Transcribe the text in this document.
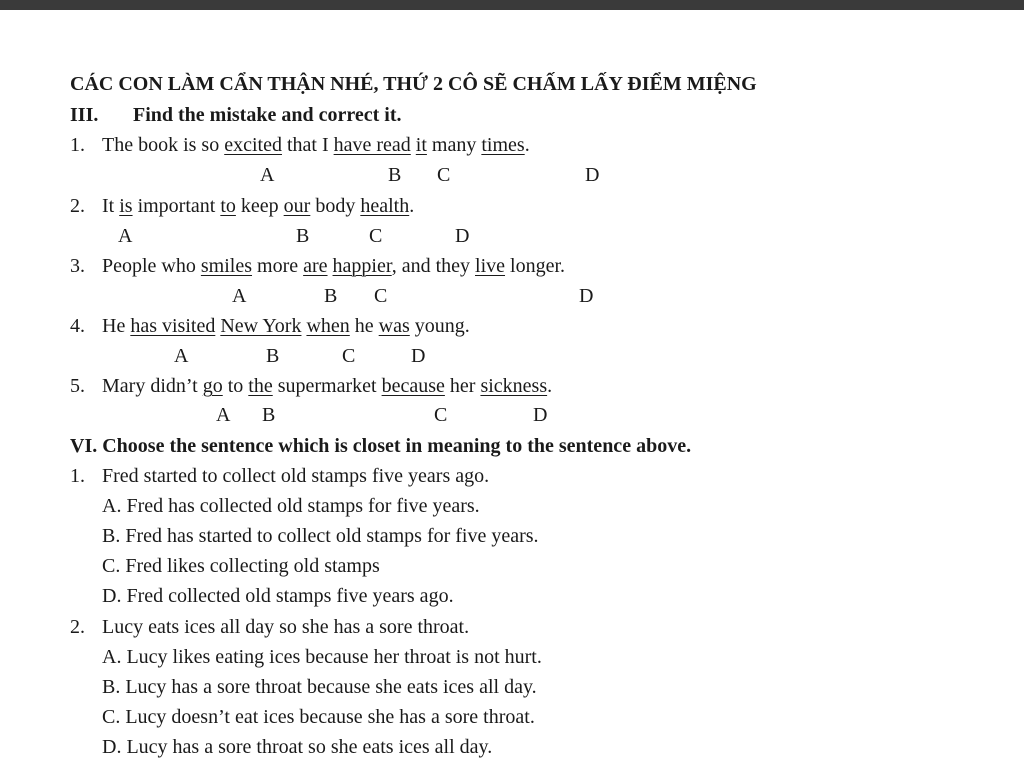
CÁC CON LÀM CẨN THẬN NHÉ, THỨ 2 CÔ SẼ CHẤM LẤY ĐIỂM MIỆNG
III. Find the mistake and correct it.
1. The book is so excited that I have read it many times.
A	B C	D
2. It is important to keep our body health.
A	B	C	D
3. People who smiles more are happier, and they live longer.
A	B C	D
4. He has visited New York when he was young.
A	B	C	D
5. Mary didn’t go to the supermarket because her sickness.
A B	C	D
VI. Choose the sentence which is closet in meaning to the sentence above.
1. Fred started to collect old stamps five years ago.
A. Fred has collected old stamps for five years.
B. Fred has started to collect old stamps for five years.
C. Fred likes collecting old stamps
D. Fred collected old stamps five years ago.
2. Lucy eats ices all day so she has a sore throat.
A. Lucy likes eating ices because her throat is not hurt.
B. Lucy has a sore throat because she eats ices all day.
C. Lucy doesn’t eat ices because she has a sore throat.
D. Lucy has a sore throat so she eats ices all day.
